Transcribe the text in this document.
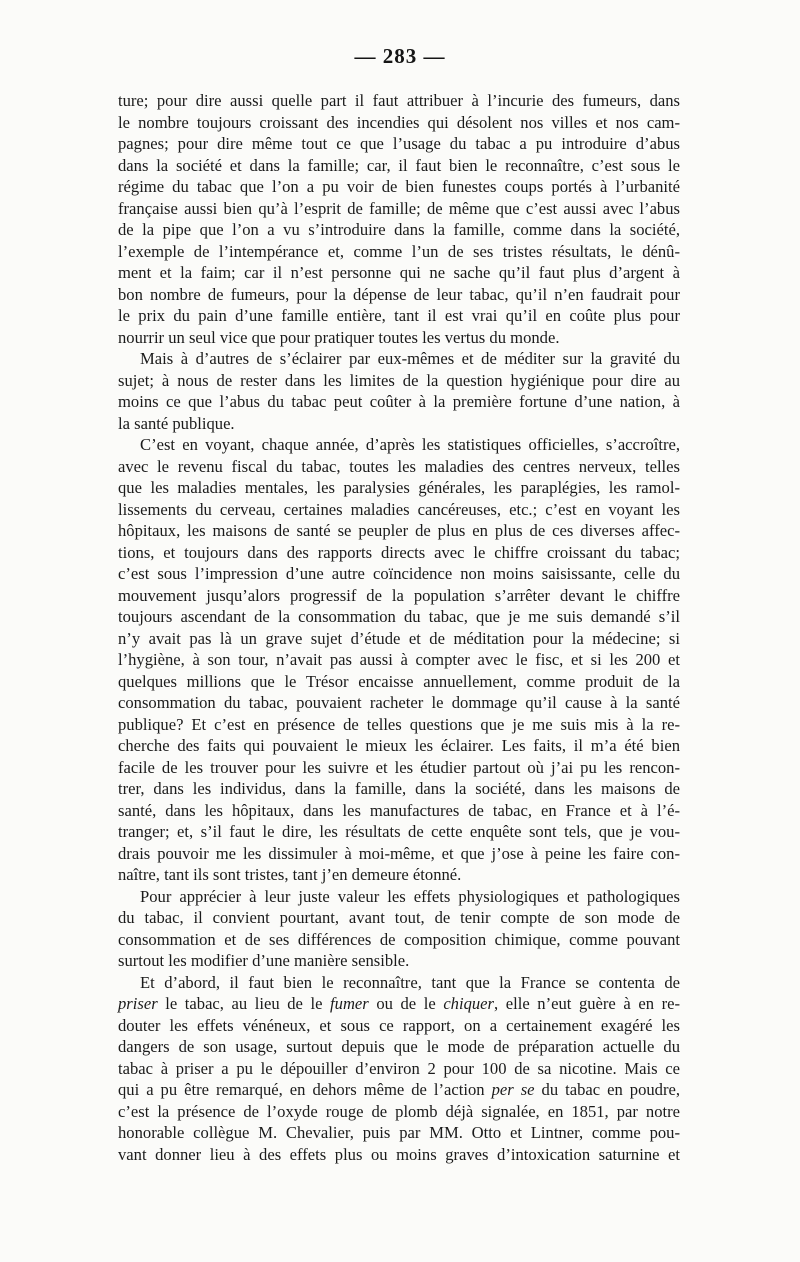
— 283 —
ture; pour dire aussi quelle part il faut attribuer à l’incurie des fumeurs, dans
le nombre toujours croissant des incendies qui désolent nos villes et nos cam-
pagnes; pour dire même tout ce que l’usage du tabac a pu introduire d’abus
dans la société et dans la famille; car, il faut bien le reconnaître, c’est sous le
régime du tabac que l’on a pu voir de bien funestes coups portés à l’urbanité
française aussi bien qu’à l’esprit de famille; de même que c’est aussi avec l’abus
de la pipe que l’on a vu s’introduire dans la famille, comme dans la société,
l’exemple de l’intempérance et, comme l’un de ses tristes résultats, le dénû-
ment et la faim; car il n’est personne qui ne sache qu’il faut plus d’argent à
bon nombre de fumeurs, pour la dépense de leur tabac, qu’il n’en faudrait pour
le prix du pain d’une famille entière, tant il est vrai qu’il en coûte plus pour
nourrir un seul vice que pour pratiquer toutes les vertus du monde.
Mais à d’autres de s’éclairer par eux-mêmes et de méditer sur la gravité du
sujet; à nous de rester dans les limites de la question hygiénique pour dire au
moins ce que l’abus du tabac peut coûter à la première fortune d’une nation, à
la santé publique.
C’est en voyant, chaque année, d’après les statistiques officielles, s’accroître,
avec le revenu fiscal du tabac, toutes les maladies des centres nerveux, telles
que les maladies mentales, les paralysies générales, les paraplégies, les ramol-
lissements du cerveau, certaines maladies cancéreuses, etc.; c’est en voyant les
hôpitaux, les maisons de santé se peupler de plus en plus de ces diverses affec-
tions, et toujours dans des rapports directs avec le chiffre croissant du tabac;
c’est sous l’impression d’une autre coïncidence non moins saisissante, celle du
mouvement jusqu’alors progressif de la population s’arrêter devant le chiffre
toujours ascendant de la consommation du tabac, que je me suis demandé s’il
n’y avait pas là un grave sujet d’étude et de méditation pour la médecine; si
l’hygiène, à son tour, n’avait pas aussi à compter avec le fisc, et si les 200 et
quelques millions que le Trésor encaisse annuellement, comme produit de la
consommation du tabac, pouvaient racheter le dommage qu’il cause à la santé
publique? Et c’est en présence de telles questions que je me suis mis à la re-
cherche des faits qui pouvaient le mieux les éclairer. Les faits, il m’a été bien
facile de les trouver pour les suivre et les étudier partout où j’ai pu les rencon-
trer, dans les individus, dans la famille, dans la société, dans les maisons de
santé, dans les hôpitaux, dans les manufactures de tabac, en France et à l’é-
tranger; et, s’il faut le dire, les résultats de cette enquête sont tels, que je vou-
drais pouvoir me les dissimuler à moi-même, et que j’ose à peine les faire con-
naître, tant ils sont tristes, tant j’en demeure étonné.
Pour apprécier à leur juste valeur les effets physiologiques et pathologiques
du tabac, il convient pourtant, avant tout, de tenir compte de son mode de
consommation et de ses différences de composition chimique, comme pouvant
surtout les modifier d’une manière sensible.
Et d’abord, il faut bien le reconnaître, tant que la France se contenta de
priser le tabac, au lieu de le fumer ou de le chiquer, elle n’eut guère à en re-
douter les effets vénéneux, et sous ce rapport, on a certainement exagéré les
dangers de son usage, surtout depuis que le mode de préparation actuelle du
tabac à priser a pu le dépouiller d’environ 2 pour 100 de sa nicotine. Mais ce
qui a pu être remarqué, en dehors même de l’action per se du tabac en poudre,
c’est la présence de l’oxyde rouge de plomb déjà signalée, en 1851, par notre
honorable collègue M. Chevalier, puis par MM. Otto et Lintner, comme pou-
vant donner lieu à des effets plus ou moins graves d’intoxication saturnine et
